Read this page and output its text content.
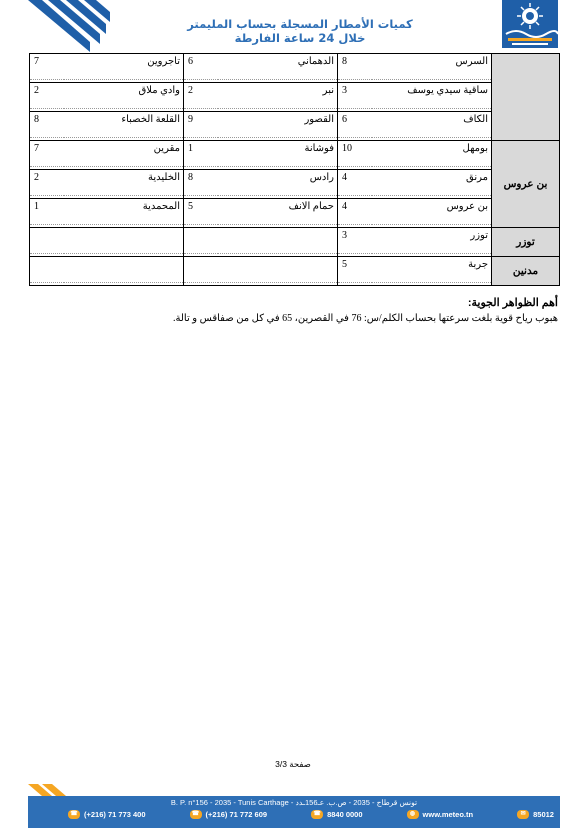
كميات الأمطار المسجلة بحساب المليمتر
خلال 24 ساعة الفارطة
7	تاجروين	6	الدهماني	8	السرس	
2	وادي ملاق	2	نبر	3	ساقية سيدي يوسف	
8	القلعة الخصباء	9	القصور	6	الكاف	
7	مقرين	1	فوشانة	10	بومهل	بن عروس
2	الخليدية	8	رادس	4	مرنق	
1	المحمدية	5	حمام الانف	4	بن عروس	
				3	توزر	توزر
				5	جربة	مدنين
أهم الظواهر الجوية:
هبوب رياح قوية بلغت سرعتها بحساب الكلم/س: 76 في القصرين، 65 في كل من صفاقس و تالة.
صفحة 3/3
B. P. n°156 - 2035 - Tunis Carthage - تونس قرطاج - 2035 - ص.ب. عـ156ـدد
☎ (+216) 71 773 400	☎ (+216) 71 772 609	☎ 8840 0000	◍ www.meteo.tn	✉ 85012
